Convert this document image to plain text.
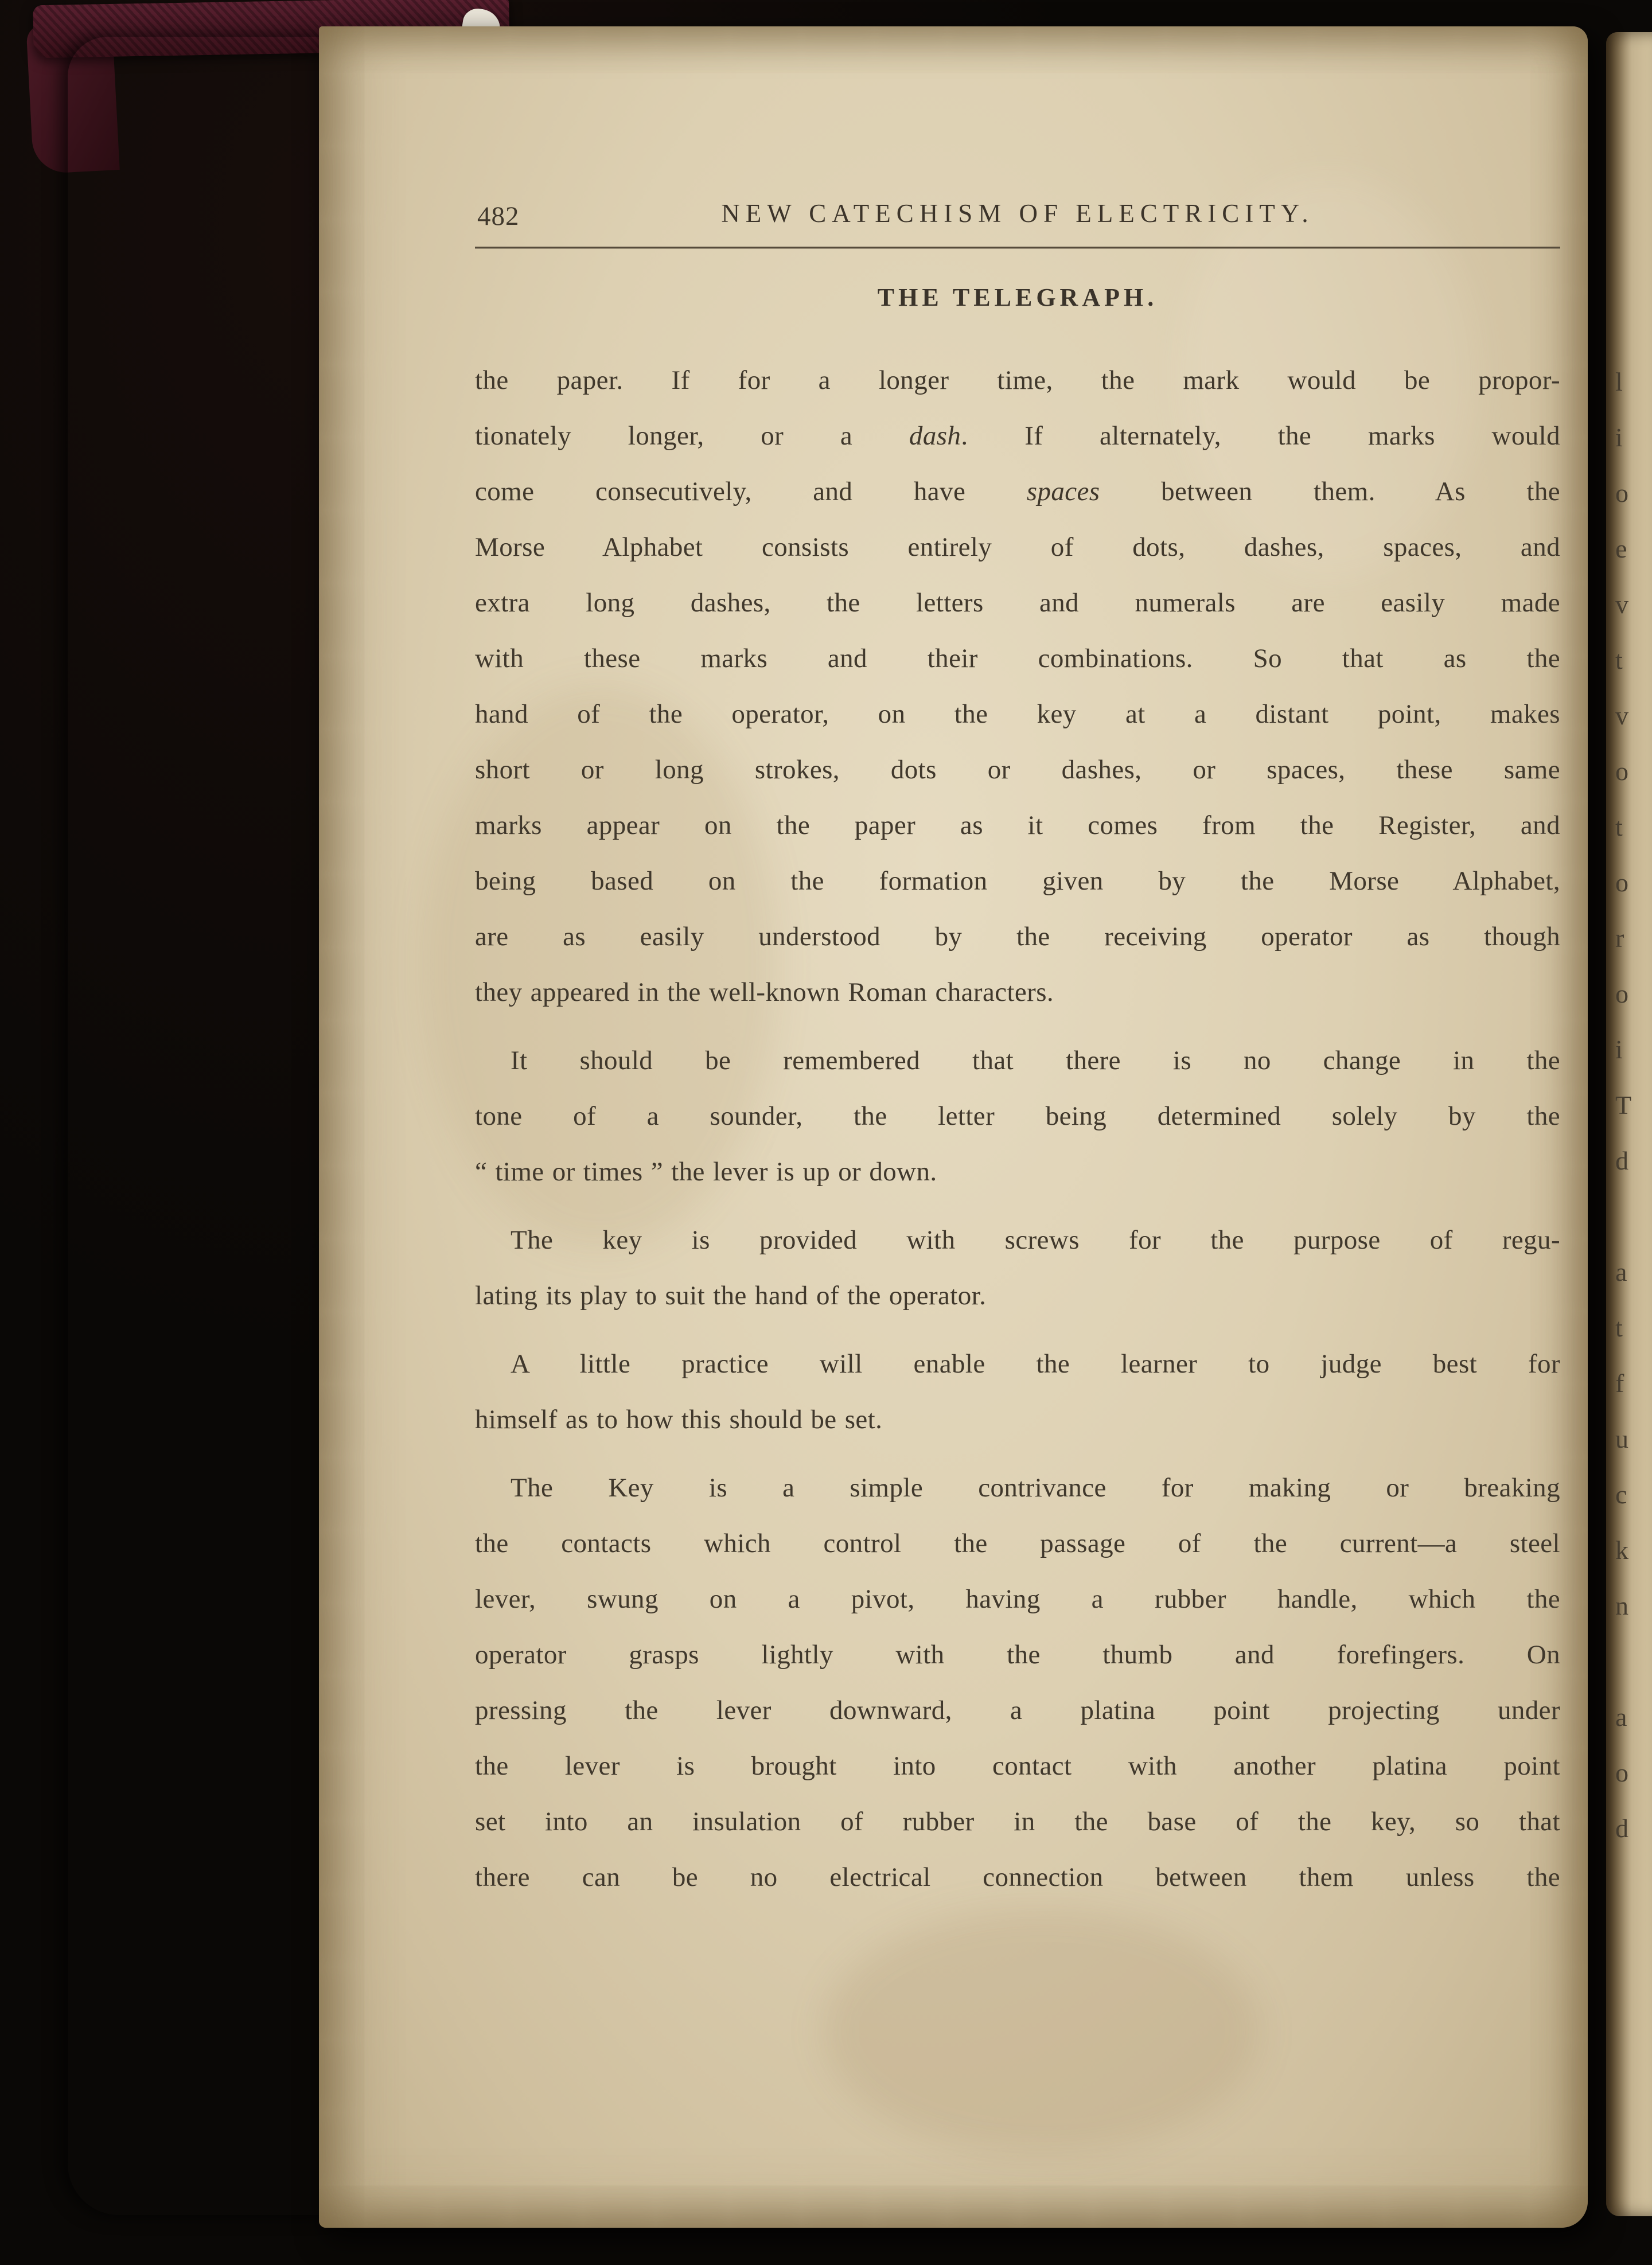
482	NEW CATECHISM OF ELECTRICITY.
THE TELEGRAPH.
the paper. If for a longer time, the mark would be propor-
tionately longer, or a dash. If alternately, the marks would
come consecutively, and have spaces between them. As the
Morse Alphabet consists entirely of dots, dashes, spaces, and
extra long dashes, the letters and numerals are easily made
with these marks and their combinations. So that as the
hand of the operator, on the key at a distant point, makes
short or long strokes, dots or dashes, or spaces, these same
marks appear on the paper as it comes from the Register, and
being based on the formation given by the Morse Alphabet,
are as easily understood by the receiving operator as though
they appeared in the well-known Roman characters.
It should be remembered that there is no change in the
tone of a sounder, the letter being determined solely by the
“ time or times ” the lever is up or down.
The key is provided with screws for the purpose of regu-
lating its play to suit the hand of the operator.
A little practice will enable the learner to judge best for
himself as to how this should be set.
The Key is a simple contrivance for making or breaking
the contacts which control the passage of the current—a steel
lever, swung on a pivot, having a rubber handle, which the
operator grasps lightly with the thumb and forefingers. On
pressing the lever downward, a platina point projecting under
the lever is brought into contact with another platina point
set into an insulation of rubber in the base of the key, so that
there can be no electrical connection between them unless the
l
i
o
e
v
t
v
o
t
o
r
o
i
T
d
a
t
f
u
c
k
n
a
o
d
